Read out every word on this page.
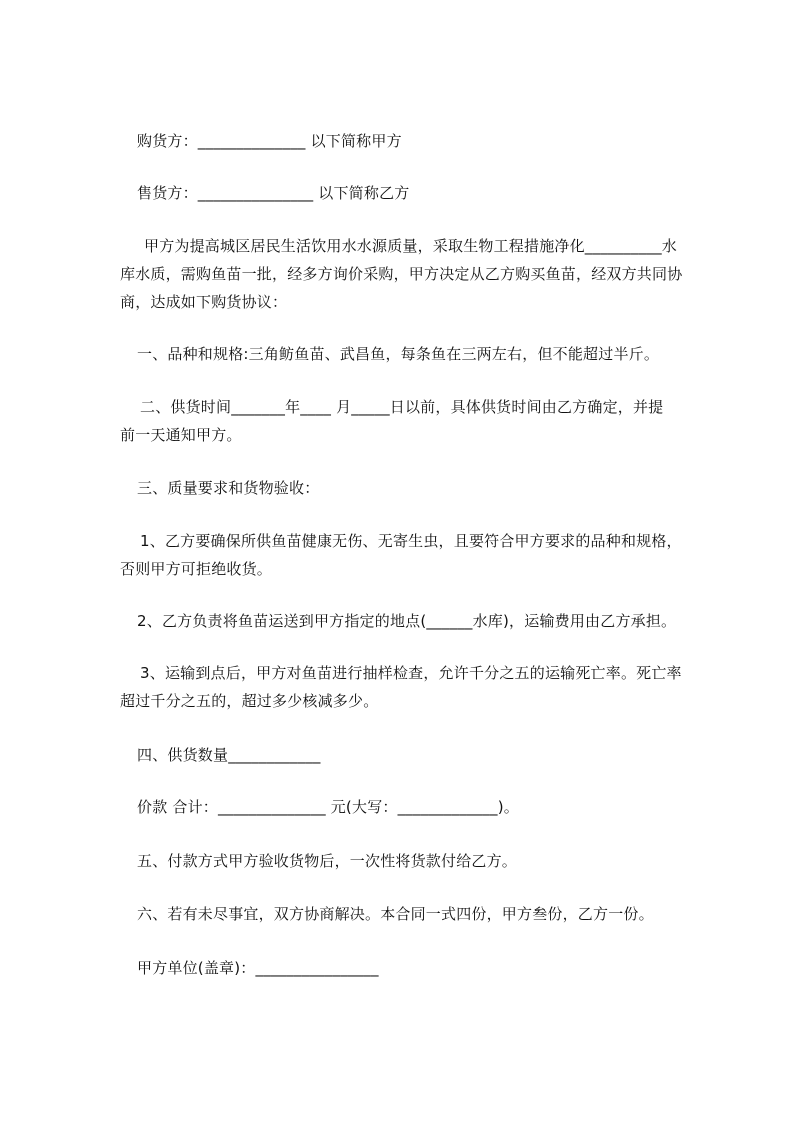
购货方：______________ 以下简称甲方
售货方：_______________ 以下简称乙方
甲方为提高城区居民生活饮用水水源质量，采取生物工程措施净化__________水
库水质，需购鱼苗一批，经多方询价采购，甲方决定从乙方购买鱼苗，经双方共同协
商，达成如下购货协议：
一、品种和规格:三角鲂鱼苗、武昌鱼，每条鱼在三两左右，但不能超过半斤。
二、供货时间_______年____ 月_____日以前，具体供货时间由乙方确定，并提
前一天通知甲方。
三、质量要求和货物验收：
1、乙方要确保所供鱼苗健康无伤、无寄生虫，且要符合甲方要求的品种和规格，
否则甲方可拒绝收货。
2、乙方负责将鱼苗运送到甲方指定的地点(______水库)，运输费用由乙方承担。
3、运输到点后，甲方对鱼苗进行抽样检查，允许千分之五的运输死亡率。死亡率
超过千分之五的，超过多少核减多少。
四、供货数量____________
价款 合计：______________ 元(大写：_____________)。
五、付款方式甲方验收货物后，一次性将货款付给乙方。
六、若有未尽事宜，双方协商解决。本合同一式四份，甲方叁份，乙方一份。
甲方单位(盖章)：________________
